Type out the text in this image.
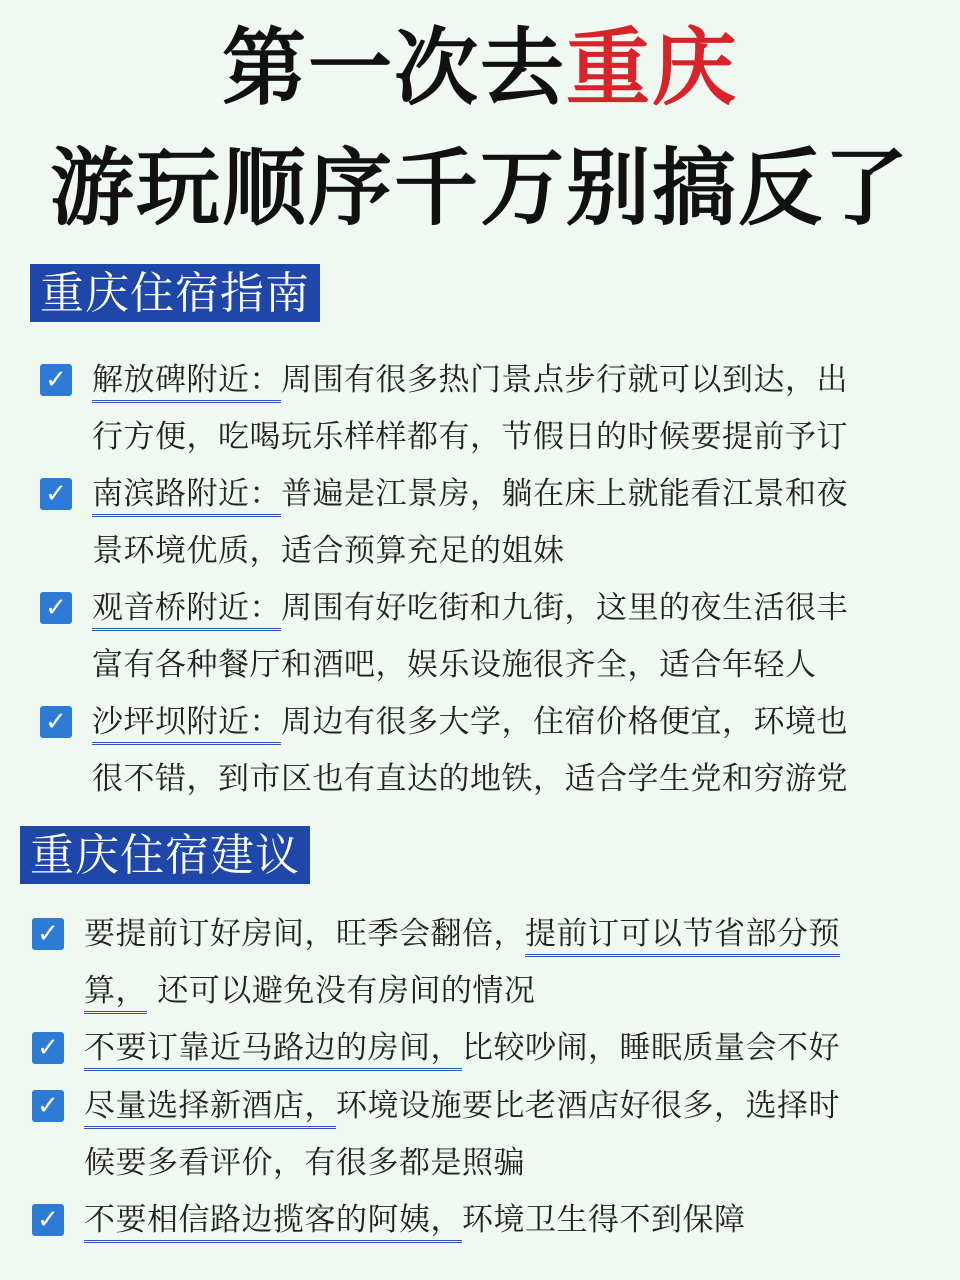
第一次去重庆
游玩顺序千万别搞反了
重庆住宿指南
✓ 解放碑附近：周围有很多热门景点步行就可以到达，出
行方便，吃喝玩乐样样都有，节假日的时候要提前予订
✓ 南滨路附近：普遍是江景房，躺在床上就能看江景和夜
景环境优质，适合预算充足的姐妹
✓ 观音桥附近：周围有好吃街和九街，这里的夜生活很丰
富有各种餐厅和酒吧，娱乐设施很齐全，适合年轻人
✓ 沙坪坝附近：周边有很多大学，住宿价格便宜，环境也
很不错，到市区也有直达的地铁，适合学生党和穷游党
重庆住宿建议
✓ 要提前订好房间，旺季会翻倍，提前订可以节省部分预
算， 还可以避免没有房间的情况
✓ 不要订靠近马路边的房间，比较吵闹，睡眠质量会不好
✓ 尽量选择新酒店，环境设施要比老酒店好很多，选择时
候要多看评价，有很多都是照骗
✓ 不要相信路边揽客的阿姨，环境卫生得不到保障
